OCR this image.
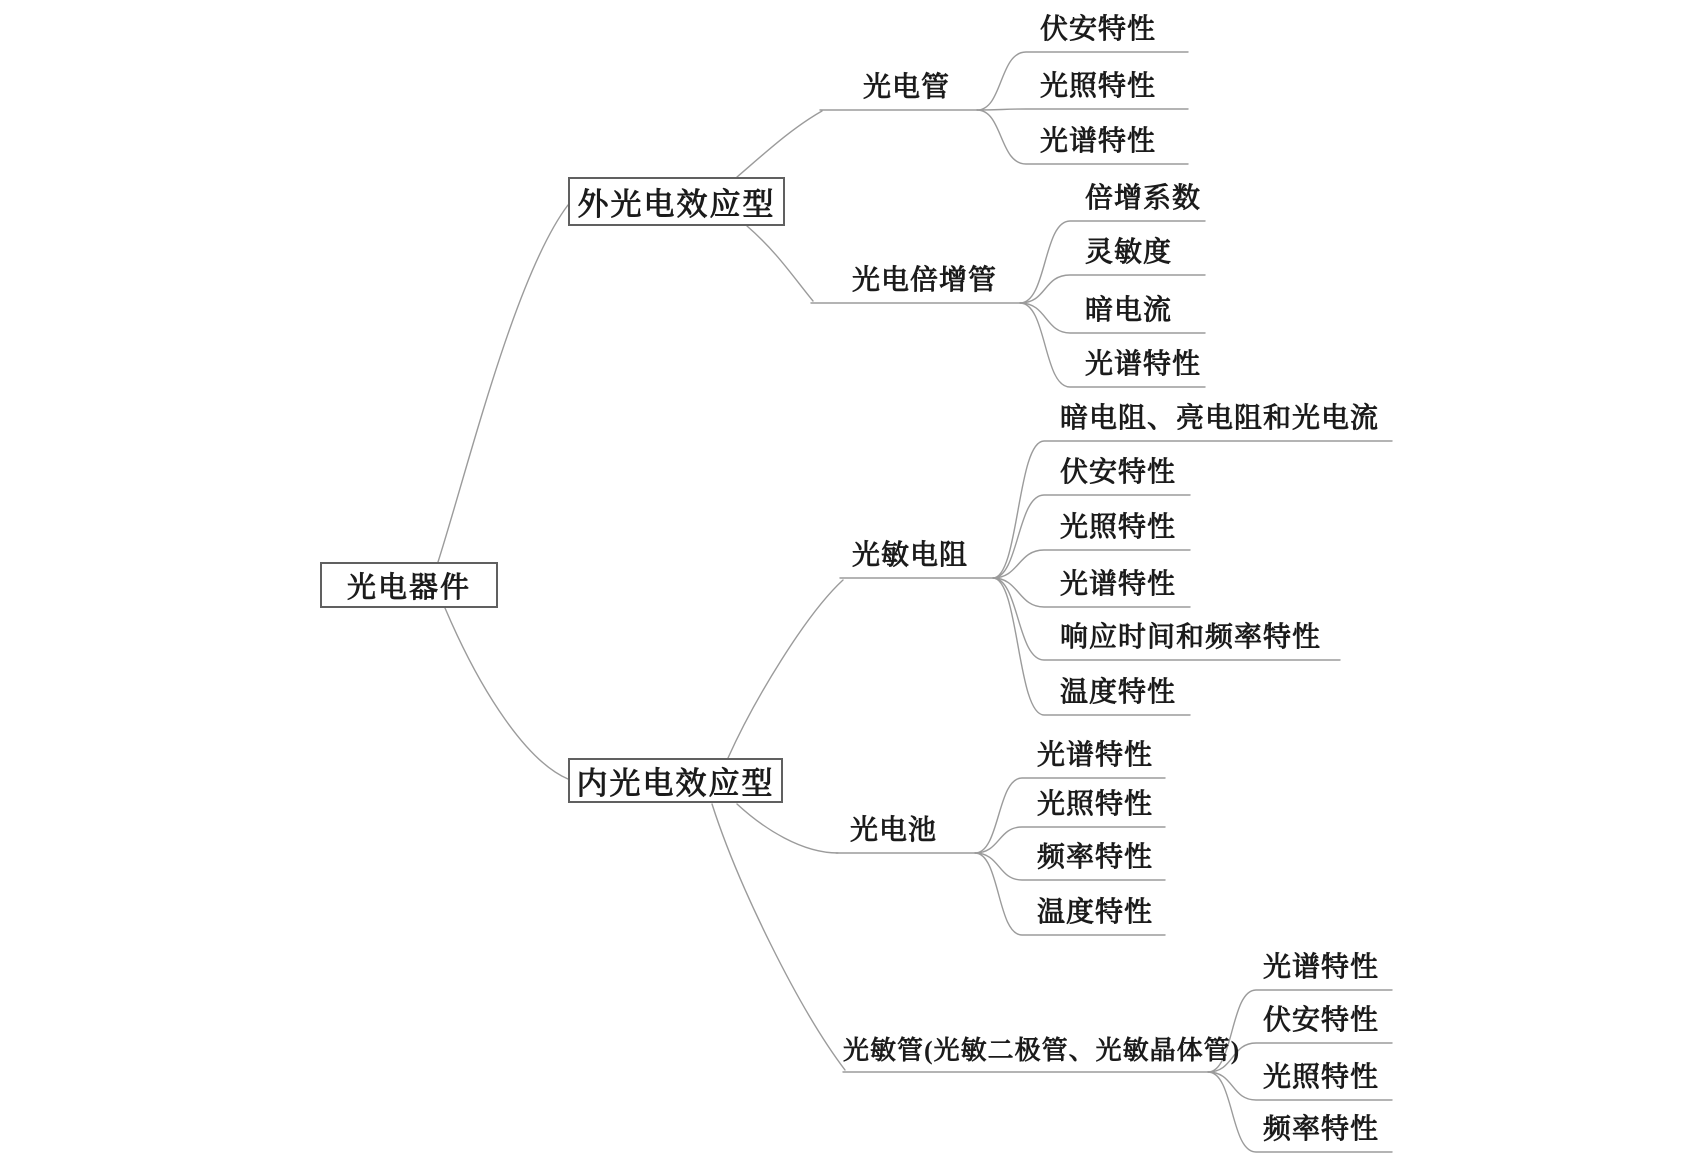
光电器件
外光电效应型
内光电效应型
光电管
光电倍增管
光敏电阻
光电池
光敏管(光敏二极管、光敏晶体管)
伏安特性
光照特性
光谱特性
倍增系数
灵敏度
暗电流
光谱特性
暗电阻、亮电阻和光电流
伏安特性
光照特性
光谱特性
响应时间和频率特性
温度特性
光谱特性
光照特性
频率特性
温度特性
光谱特性
伏安特性
光照特性
频率特性
